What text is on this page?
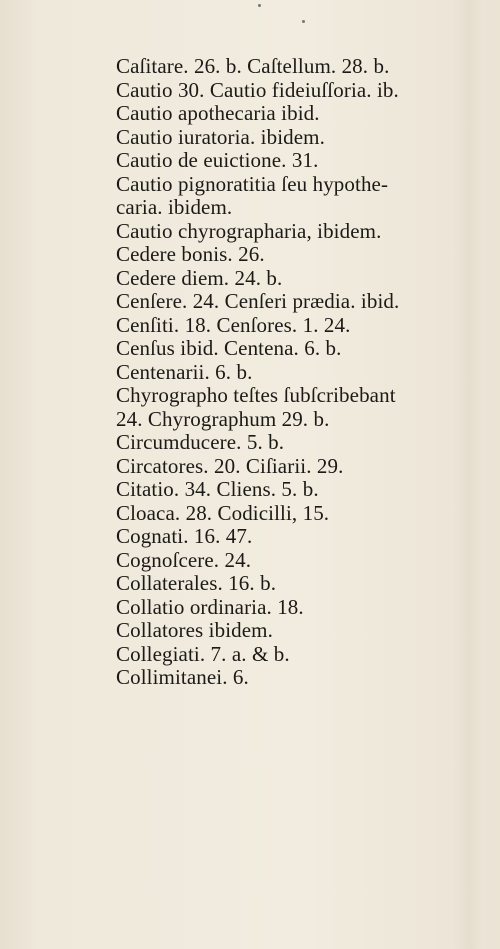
Caſitare. 26. b. Caſtellum. 28. b.
Cautio 30. Cautio fideiuſſoria. ib.
Cautio apothecaria ibid.
Cautio iuratoria. ibidem.
Cautio de euictione. 31.
Cautio pignoratitia ſeu hypothe-
caria. ibidem.
Cautio chyrographaria, ibidem.
Cedere bonis. 26.
Cedere diem. 24. b.
Cenſere. 24. Cenſeri prædia. ibid.
Cenſiti. 18. Cenſores. 1. 24.
Cenſus ibid. Centena. 6. b.
Centenarii. 6. b.
Chyrographo teſtes ſubſcribebant
24. Chyrographum 29. b.
Circumducere. 5. b.
Circatores. 20. Ciſiarii. 29.
Citatio. 34. Cliens. 5. b.
Cloaca. 28. Codicilli, 15.
Cognati. 16. 47.
Cognoſcere. 24.
Collaterales. 16. b.
Collatio ordinaria. 18.
Collatores ibidem.
Collegiati. 7. a. & b.
Collimitanei. 6.
